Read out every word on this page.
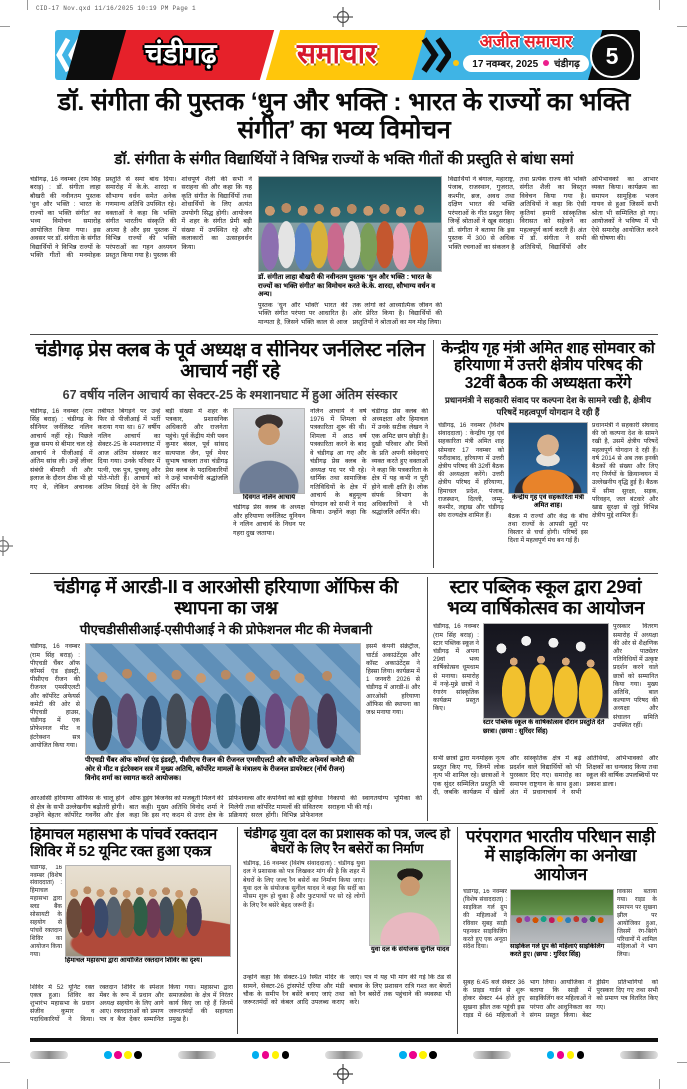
CID-17 Nov.qxd 11/16/2025 10:19 PM Page 1
चंडीगढ़	समाचार	अजीत समाचार
17 नवम्बर, 2025 चंडीगढ़	5
डॉ. संगीता की पुस्तक ‘धुन और भक्ति : भारत के राज्यों का भक्ति संगीत’ का भव्य विमोचन
डॉ. संगीता के संगीत विद्यार्थियों ने विभिन्न राज्यों के भक्ति गीतों की प्रस्तुति से बांधा समां
चंडीगढ़, 16 नवम्बर (राम सिंह बराड़) : डॉ. संगीता लाहा बौखरी की नवीनतम पुस्तक ‘धुन और भक्ति : भारत के राज्यों का भक्ति संगीत’ का भव्य विमोचन समारोह आयोजित किया गया। इस अवसर पर डॉ. संगीता के संगीत विद्यार्थियों ने विभिन्न राज्यों के भक्ति गीतों की मनमोहक प्रस्तुति से समां बांध दिया। समारोह में के.के. शारदा व सौभाग्य वर्धन समेत अनेक गणमान्य अतिथि उपस्थित रहे। वक्ताओं ने कहा कि भक्ति संगीत भारतीय संस्कृति की आत्मा है और इस पुस्तक में विभिन्न राज्यों की भक्ति परंपराओं का गहन अध्ययन प्रस्तुत किया गया है। पुस्तक की शोधपूर्ण शैली की सभी ने सराहना की और कहा कि यह कृति संगीत के विद्यार्थियों तथा शोधार्थियों के लिए अत्यंत उपयोगी सिद्ध होगी। आयोजन में शहर के संगीत प्रेमी बड़ी संख्या में उपस्थित रहे और कलाकारों का उत्साहवर्धन किया।
डॉ. संगीता लाहा बौखरी की नवीनतम पुस्तक ‘धुन और भक्ति : भारत के राज्यों का भक्ति संगीत’ का विमोचन करते के.के. शारदा, सौभाग्य वर्धन व अन्य।
पुस्तक ‘धुन और भक्ति’ भारत की भक्ति संगीत परंपरा पर आधारित है। मान्यता है, जिसने भक्ति काल से आज तक लोगों को आध्यात्मिक जीवन की ओर प्रेरित किया है। विद्यार्थियों की प्रस्तुतियों ने श्रोताओं का मन मोह लिया।
विद्यार्थियों ने बंगाल, महाराष्ट्र, पंजाब, राजस्थान, गुजरात, कश्मीर, ब्रज, अवध तथा दक्षिण भारत की भक्ति परंपराओं के गीत प्रस्तुत किए जिन्हें श्रोताओं ने खूब सराहा। डॉ. संगीता ने बताया कि इस पुस्तक में 300 से अधिक भक्ति रचनाओं का संकलन है तथा प्रत्येक राज्य की भक्ति संगीत शैली का विस्तृत विवेचन किया गया है। अतिथियों ने कहा कि ऐसी कृतियां हमारी सांस्कृतिक विरासत को सहेजने का महत्वपूर्ण कार्य करती हैं। अंत में डॉ. संगीता ने सभी अतिथियों, विद्यार्थियों और अभिभावकों का आभार व्यक्त किया। कार्यक्रम का समापन सामूहिक भजन गायन से हुआ जिसमें सभी श्रोता भी सम्मिलित हो गए। आयोजकों ने भविष्य में भी ऐसे समारोह आयोजित करने की घोषणा की।
चंडीगढ़ प्रेस क्लब के पूर्व अध्यक्ष व सीनियर जर्नलिस्ट नलिन आचार्य नहीं रहे
67 वर्षीय नलिन आचार्य का सेक्टर-25 के श्मशानघाट में हुआ अंतिम संस्कार
चंडीगढ़, 16 नवम्बर (राम सिंह बराड़) : चंडीगढ़ के सीनियर जर्नलिस्ट नलिन आचार्य नहीं रहे। पिछले कुछ समय से बीमार चल रहे आचार्य ने पीजीआई में अंतिम सांस ली। उन्हें लीवर संबंधी बीमारी थी और इलाज के दौरान ठीक भी हो गए थे, लेकिन अचानक तबीयत बिगड़ने पर उन्हें फिर से पीजीआई में भर्ती कराया गया था। 67 वर्षीय नलिन आचार्य का सेक्टर-25 के श्मशानघाट में आज अंतिम संस्कार कर दिया गया। उनके परिवार में पत्नी, एक पुत्र, पुत्रवधू और पोते-पोती हैं। आचार्य को अंतिम विदाई देने के लिए बड़ी संख्या में शहर के पत्रकार, प्रशासनिक अधिकारी और राजनेता पहुंचे। पूर्व केंद्रीय मंत्री पवन कुमार बंसल, पूर्व सांसद सत्यपाल जैन, पूर्व मेयर सुभाष चावला तथा चंडीगढ़ प्रेस क्लब के पदाधिकारियों ने उन्हें भावभीनी श्रद्धांजलि अर्पित की।
दिवंगत नलिन आचार्य
चंडीगढ़ प्रेस क्लब के अध्यक्ष और हरियाणा जर्नलिस्ट यूनियन ने नलिन आचार्य के निधन पर गहरा दुख जताया।
नलिन आचार्य ने वर्ष 1976 में शिमला से पत्रकारिता शुरू की थी। शिमला में आठ वर्ष पत्रकारिता करने के बाद वे चंडीगढ़ आ गए और चंडीगढ़ प्रेस क्लब के अध्यक्ष पद पर भी रहे। धार्मिक तथा सामाजिक गतिविधियों के क्षेत्र में आचार्य के बहुमूल्य योगदान को सभी ने याद किया। उन्होंने कहा कि चंडीगढ़ प्रेस क्लब की अध्यक्षता और हिमाचल में उनके सटीक लेखन ने एक अमिट छाप छोड़ी है। दुखी परिवार और मित्रों के प्रति अपनी संवेदनाएं व्यक्त करते हुए वक्ताओं ने कहा कि पत्रकारिता के क्षेत्र में यह कभी न पूरी होने वाली क्षति है। लोक संपर्क विभाग के अधिकारियों ने भी श्रद्धांजलि अर्पित की।
केन्द्रीय गृह मंत्री अमित शाह सोमवार को हरियाणा में उत्तरी क्षेत्रीय परिषद की 32वीं बैठक की अध्यक्षता करेंगे
प्रधानमंत्री ने सहकारी संवाद पर कल्पना देश के सामने रखी है, क्षेत्रीय परिषदें महत्वपूर्ण योगदान दे रही हैं
चंडीगढ़, 16 नवम्बर (विशेष संवाददाता) : केन्द्रीय गृह एवं सहकारिता मंत्री अमित शाह सोमवार 17 नवम्बर को फरीदाबाद, हरियाणा में उत्तरी क्षेत्रीय परिषद की 32वीं बैठक की अध्यक्षता करेंगे। उत्तरी क्षेत्रीय परिषद में हरियाणा, हिमाचल प्रदेश, पंजाब, राजस्थान, दिल्ली, जम्मू-कश्मीर, लद्दाख और चंडीगढ़ संघ राज्यक्षेत्र शामिल हैं।
केन्द्रीय गृह एवं सहकारिता मंत्री अमित शाह।
बैठक में राज्यों और केंद्र के बीच तथा राज्यों के आपसी मुद्दों पर विस्तार से चर्चा होगी। परिषदें इस दिशा में महत्वपूर्ण मंच बन गई हैं।
प्रधानमंत्री ने सहकारी संघवाद की जो कल्पना देश के सामने रखी है, उसमें क्षेत्रीय परिषदें महत्वपूर्ण योगदान दे रही हैं। वर्ष 2014 से अब तक इनकी बैठकों की संख्या और लिए गए निर्णयों के क्रियान्वयन में उल्लेखनीय वृद्धि हुई है। बैठक में सीमा सुरक्षा, सड़क, परिवहन, जल बंटवारे और खाद्य सुरक्षा से जुड़े विभिन्न क्षेत्रीय मुद्दे शामिल हैं।
चंडीगढ़ में आरडी-II व आरओसी हरियाणा ऑफिस की स्थापना का जश्न
पीएचडीसीसीआई-एसीपीआई ने की प्रोफेशनल मीट की मेजबानी
चंडीगढ़, 16 नवम्बर (राम सिंह बराड़) : पीएचडी चैंबर ऑफ कॉमर्स एंड इंडस्ट्री, पीसीएच रीजन की रीजनल एमसीएलटी और कॉर्पोरेट अफेयर्स कमेटी की ओर से पीएचडी हाउस, चंडीगढ़ में एक प्रोफेशनल मीट व इंटरेक्शन सत्र आयोजित किया गया।
पीएचडी चैंबर ऑफ कॉमर्स एंड इंडस्ट्री, पीसीएच रीजन की रीजनल एमसीएलटी और कॉर्पोरेट अफेयर्स कमेटी की ओर से मीट व इंटरेक्शन सत्र में मुख्य अतिथि, कॉर्पोरेट मामलों के मंत्रालय के रीजनल डायरेक्टर (नॉर्थ रीजन) विनोद शर्मा का स्वागत करते आयोजक।
इसमें कंपनी सेक्रेट्रीज, चार्टर्ड अकाउंटेंट्स और कॉस्ट अकाउंटेंट्स ने हिस्सा लिया। कार्यक्रम में 1 जनवरी 2026 से चंडीगढ़ में आरडी-II और आरओसी हरियाणा ऑफिस की स्थापना का जश्न मनाया गया।
आरओसी हरियाणा ऑफिस के चालू होने से क्षेत्र के सभी उल्लेखनीय बढ़ोतरी होगी। उन्होंने बेहतर कॉर्पोरेट गवर्नेंस और ईज ऑफ डूइंग बिजनेस को मजबूती मिलने की बात कही। मुख्य अतिथि विनोद शर्मा ने कहा कि इस नए कदम से उत्तर क्षेत्र के प्रोफेशनल्स और कंपनियों को बड़ी सुविधा मिलेगी तथा कॉर्पोरेट मामलों की संवितरण प्रक्रियाएं सरल होंगी। विभिन्न प्रोफेशनल निकायों की स्वागतयोग्य भूमिका की सराहना भी की गई।
स्टार पब्लिक स्कूल द्वारा 29वां भव्य वार्षिकोत्सव का आयोजन
चंडीगढ़, 16 नवम्बर (राम सिंह बराड़) : स्टार पब्लिक स्कूल ने चंडीगढ़ में अपना 29वां भव्य वार्षिकोत्सव धूमधाम से मनाया। समारोह में नन्हे-मुन्ने छात्रों ने रंगारंग सांस्कृतिक कार्यक्रम प्रस्तुत किए।
स्टार पब्लिक स्कूल के वार्षिकोत्सव दौरान प्रस्तुति देते छात्रा। (छाया : सुरिंदर सिंह)
पुरस्कार वितरण समारोह में अध्यक्षा की ओर से शैक्षणिक और पाठ्येतर गतिविधियों में उत्कृष्ट प्रदर्शन करने वाले छात्रों को सम्मानित किया गया। मुख्य अतिथि, बाल कल्याण परिषद की अध्यक्षा और संचालन समिति उपस्थित रहीं।
सभी छात्रों द्वारा मनमोहक नृत्य प्रस्तुत किए गए, जिनमें लोक नृत्य भी शामिल रहे। छात्राओं ने एक सुंदर सम्मिलित प्रस्तुति भी दी, जबकि कार्यक्रम में खेलों और सांस्कृतिक क्षेत्र में बढ़े प्रदर्शन वाले विद्यार्थियों को भी पुरस्कार दिए गए। समारोह का समापन राष्ट्रगान के साथ हुआ। अंत में प्रधानाचार्य ने सभी अतिथियों, अभिभावकों और शिक्षकों का धन्यवाद किया तथा स्कूल की वार्षिक उपलब्धियों पर प्रकाश डाला।
हिमाचल महासभा के पांचवें रक्तदान शिविर में 52 यूनिट रक्त हुआ एकत्र
चंडीगढ़, 16 नवम्बर (विशेष संवाददाता) : हिमाचल महासभा द्वारा ब्लड बैंक सोसायटी के सहयोग से पांचवें रक्तदान शिविर का आयोजन किया गया।
हिमाचल महासभा द्वारा आयोजित रक्तदान शिविर का दृश्य।
शिविर में 52 यूनिट रक्त एकत्र हुआ। शिविर का शुभारंभ महासभा के प्रधान संजीव कुमार व पदाधिकारियों ने किया। रक्तदान शिविर के स्पेशल मेंबर के रूप में प्रधान और अध्यक्ष सहयोग के लिए आगे आए। रक्तदाताओं को प्रमाण पत्र व बैज देकर सम्मानित किया गया। महासभा द्वारा समाजसेवा के क्षेत्र में निरंतर कार्य किए जा रहे हैं जिनमें जरूरतमंदों की सहायता प्रमुख है।
चंडीगढ़ युवा दल का प्रशासक को पत्र, जल्द हो बेघरों के लिए रैन बसेरों का निर्माण
चंडीगढ़, 16 नवम्बर (विशेष संवाददाता) : चंडीगढ़ युवा दल ने प्रशासक को पत्र लिखकर मांग की है कि शहर में बेघरों के लिए जल्द रैन बसेरों का निर्माण किया जाए। युवा दल के संयोजक सुनील यादव ने कहा कि सर्दी का मौसम शुरू हो चुका है और फुटपाथों पर सो रहे लोगों के लिए रैन बसेरे बेहद जरूरी हैं।
युवा दल के संयोजक सुनील यादव
उन्होंने कहा कि सेक्टर-19 स्थित मंदिर के सामने, सेक्टर-26 ट्रांसपोर्ट एरिया और मंडी चौक के समीप रैन बसेरे बनाए जाएं तथा जरूरतमंदों को कंबल आदि उपलब्ध कराए जाएं। पत्र में यह भी मांग की गई कि ठंड से बचाव के लिए प्रशासन रात्रि गश्त कर बेघरों को रैन बसेरों तक पहुंचाने की व्यवस्था भी करे।
परंपरागत भारतीय परिधान साड़ी में साइकिलिंग का अनोखा आयोजन
चंडीगढ़, 16 नवम्बर (विशेष संवाददाता) : साइकिल गर्ल ग्रुप की महिलाओं ने रविवार सुबह साड़ी पहनकर साइकिलिंग करते हुए एक अनूठा संदेश दिया।	साइकिल गर्ल ग्रुप की महिलाएं साइकिलिंग करते हुए। (छाया : गुरिंदर सिंह)
विकास बताया गया। राइड के समापन पर सुखना झील पर आयोजिका हुआ, जिसमें रंग-बिरंगे परिधानों में शामिल महिलाओं ने भाग लिया।
सुबह 6:45 बजे सेक्टर 36 के प्राइड गार्डन से शुरू होकर सेक्टर 44 होते हुए सुखना झील तक पहुंची इस राइड में 66 महिलाओं ने भाग लिया। आयोजिका ने बताया कि साड़ी में साइकिलिंग कर महिलाओं ने परंपरा और आधुनिकता का संगम प्रस्तुत किया। बेस्ट ड्रेसिंग प्रतिभागियों को पुरस्कार दिए गए तथा सभी को प्रमाण पत्र वितरित किए गए।
